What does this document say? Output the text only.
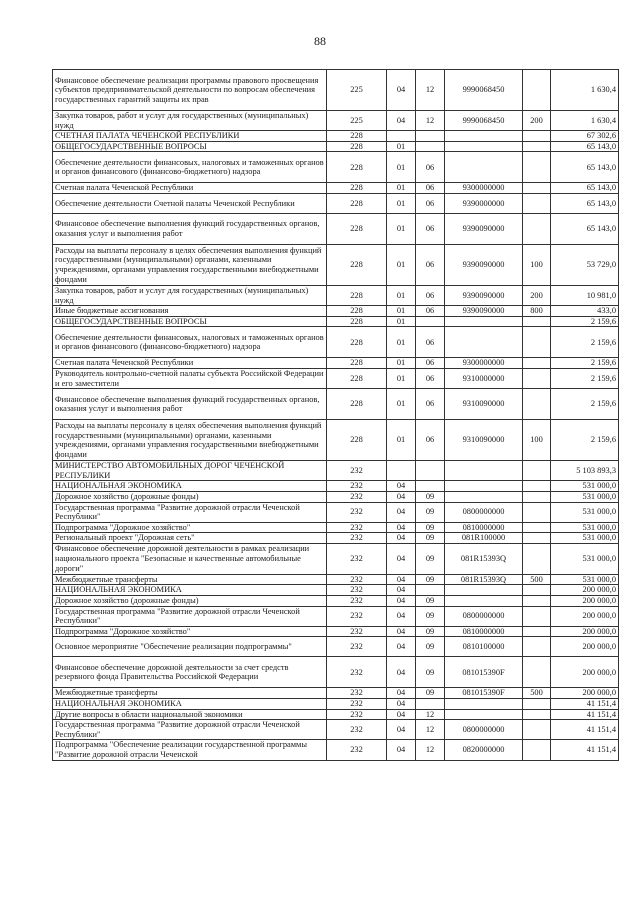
88
Финансовое обеспечение реализации программы правового просвещения субъектов предпринимательской деятельности по вопросам обеспечения государственных гарантий защиты их прав	225	04	12	9990068450		1 630,4
Закупка товаров, работ и услуг для государственных (муниципальных) нужд	225	04	12	9990068450	200	1 630,4
СЧЕТНАЯ ПАЛАТА ЧЕЧЕНСКОЙ РЕСПУБЛИКИ	228					67 302,6
ОБЩЕГОСУДАРСТВЕННЫЕ ВОПРОСЫ	228	01				65 143,0
Обеспечение деятельности финансовых, налоговых и таможенных органов и органов финансового (финансово-бюджетного) надзора	228	01	06			65 143,0
Счетная палата Чеченской Республики	228	01	06	9300000000		65 143,0
Обеспечение деятельности Счетной палаты Чеченской Республики	228	01	06	9390000000		65 143,0
Финансовое обеспечение выполнения функций государственных органов, оказания услуг и выполнения работ	228	01	06	9390090000		65 143,0
Расходы на выплаты персоналу в целях обеспечения выполнения функций государственными (муниципальными) органами, казенными учреждениями, органами управления государственными внебюджетными фондами	228	01	06	9390090000	100	53 729,0
Закупка товаров, работ и услуг для государственных (муниципальных) нужд	228	01	06	9390090000	200	10 981,0
Иные бюджетные ассигнования	228	01	06	9390090000	800	433,0
ОБЩЕГОСУДАРСТВЕННЫЕ ВОПРОСЫ	228	01				2 159,6
Обеспечение деятельности финансовых, налоговых и таможенных органов и органов финансового (финансово-бюджетного) надзора	228	01	06			2 159,6
Счетная палата Чеченской Республики	228	01	06	9300000000		2 159,6
Руководитель контрольно-счетной палаты субъекта Российской Федерации и его заместители	228	01	06	9310000000		2 159,6
Финансовое обеспечение выполнения функций государственных органов, оказания услуг и выполнения работ	228	01	06	9310090000		2 159,6
Расходы на выплаты персоналу в целях обеспечения выполнения функций государственными (муниципальными) органами, казенными учреждениями, органами управления государственными внебюджетными фондами	228	01	06	9310090000	100	2 159,6
МИНИСТЕРСТВО АВТОМОБИЛЬНЫХ ДОРОГ ЧЕЧЕНСКОЙ РЕСПУБЛИКИ	232					5 103 893,3
НАЦИОНАЛЬНАЯ ЭКОНОМИКА	232	04				531 000,0
Дорожное хозяйство (дорожные фонды)	232	04	09			531 000,0
Государственная программа "Развитие дорожной отрасли Чеченской Республики"	232	04	09	0800000000		531 000,0
Подпрограмма "Дорожное хозяйство"	232	04	09	0810000000		531 000,0
Региональный проект "Дорожная сеть"	232	04	09	081R100000		531 000,0
Финансовое обеспечение дорожной деятельности в рамках реализации национального проекта "Безопасные и качественные автомобильные дороги"	232	04	09	081R15393Q		531 000,0
Межбюджетные трансферты	232	04	09	081R15393Q	500	531 000,0
НАЦИОНАЛЬНАЯ ЭКОНОМИКА	232	04				200 000,0
Дорожное хозяйство (дорожные фонды)	232	04	09			200 000,0
Государственная программа "Развитие дорожной отрасли Чеченской Республики"	232	04	09	0800000000		200 000,0
Подпрограмма "Дорожное хозяйство"	232	04	09	0810000000		200 000,0
Основное мероприятие "Обеспечение реализации подпрограммы"	232	04	09	0810100000		200 000,0
Финансовое обеспечение дорожной деятельности за счет средств резервного фонда Правительства Российской Федерации	232	04	09	081015390F		200 000,0
Межбюджетные трансферты	232	04	09	081015390F	500	200 000,0
НАЦИОНАЛЬНАЯ ЭКОНОМИКА	232	04				41 151,4
Другие вопросы в области национальной экономики	232	04	12			41 151,4
Государственная программа "Развитие дорожной отрасли Чеченской Республики"	232	04	12	0800000000		41 151,4
Подпрограмма "Обеспечение реализации государственной программы "Развитие дорожной отрасли Чеченской	232	04	12	0820000000		41 151,4
